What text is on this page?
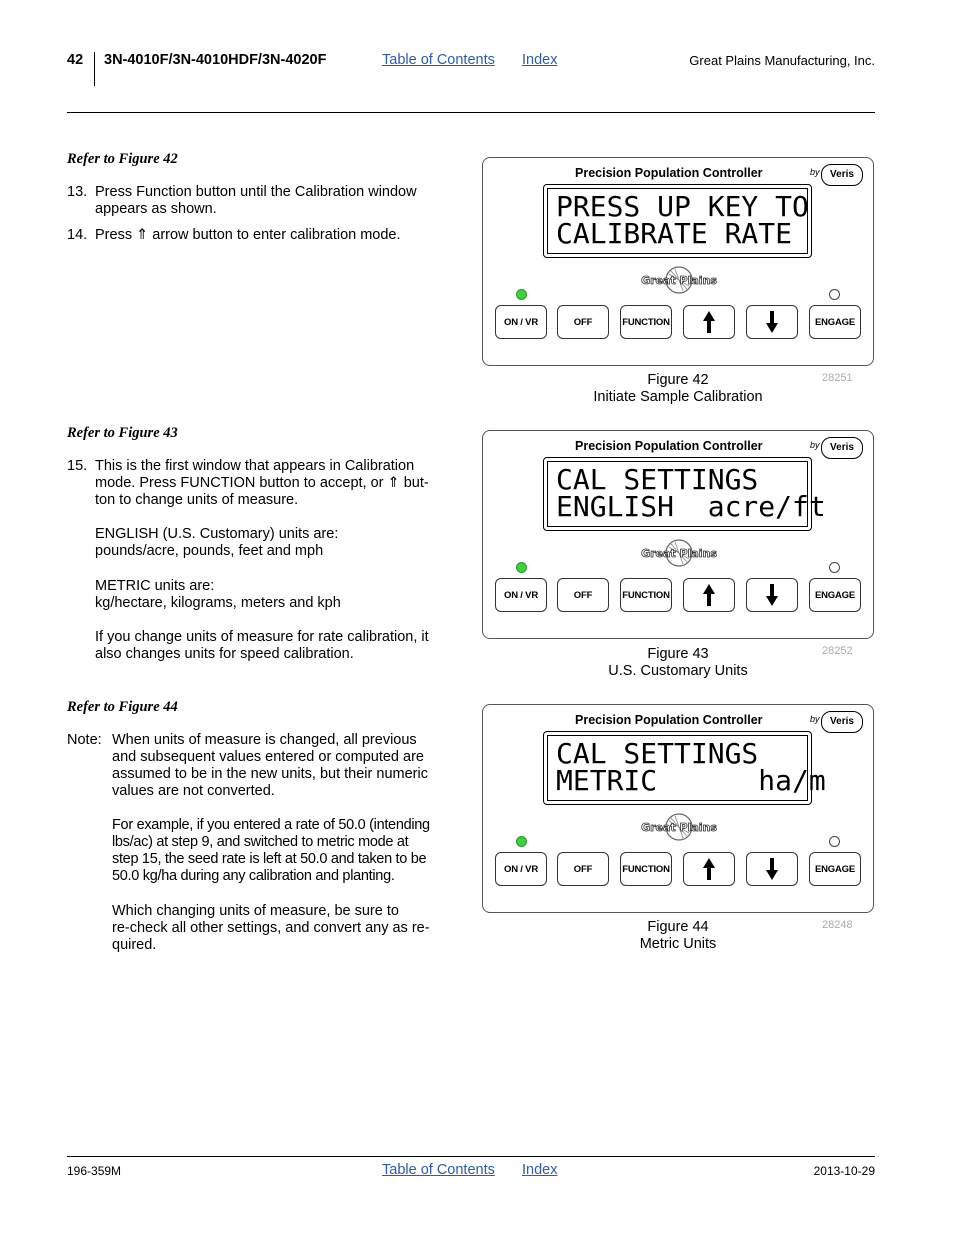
42 3N-4010F/3N-4010HDF/3N-4020F	Table of Contents Index	Great Plains Manufacturing, Inc.
Refer to Figure 42
13. Press Function button until the Calibration window
appears as shown.
14. Press ⇑ arrow button to enter calibration mode.
Refer to Figure 43
15. This is the first window that appears in Calibration
mode. Press FUNCTION button to accept, or ⇑ but-
ton to change units of measure.
ENGLISH (U.S. Customary) units are:
pounds/acre, pounds, feet and mph
METRIC units are:
kg/hectare, kilograms, meters and kph
If you change units of measure for rate calibration, it
also changes units for speed calibration.
Refer to Figure 44
Note: When units of measure is changed, all previous
and subsequent values entered or computed are
assumed to be in the new units, but their numeric
values are not converted.
For example, if you entered a rate of 50.0 (intending
lbs/ac) at step 9, and switched to metric mode at
step 15, the seed rate is left at 50.0 and taken to be
50.0 kg/ha during any calibration and planting.
Which changing units of measure, be sure to
re-check all other settings, and convert any as re-
quired.
Precision Population Controller	by	Veris
PRESS UP KEY TO
CALIBRATE RATE
Great Plains
ON / VR	OFF	FUNCTION	ENGAGE
Figure 42
Initiate Sample Calibration
28251
Precision Population Controller	by	Veris
CAL SETTINGS
ENGLISH  acre/ft
Great Plains
ON / VR	OFF	FUNCTION	ENGAGE
Figure 43
U.S. Customary Units
28252
Precision Population Controller	by	Veris
CAL SETTINGS
METRIC      ha/m
Great Plains
ON / VR	OFF	FUNCTION	ENGAGE
Figure 44
Metric Units
28248
196-359M	Table of Contents Index	2013-10-29
